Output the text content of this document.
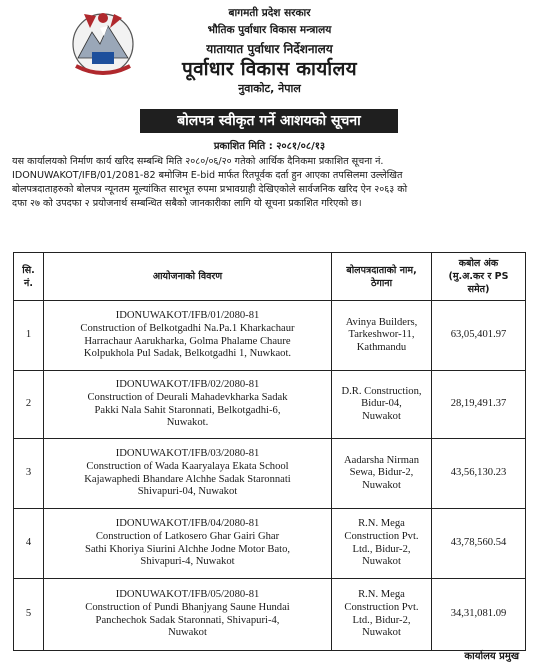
बागमती प्रदेश सरकार
भौतिक पुर्वाधार विकास मन्त्रालय
यातायात पुर्वाधार निर्देशनालय
पूर्वाधार विकास कार्यालय
नुवाकोट, नेपाल
बोलपत्र स्वीकृत गर्ने आशयको सूचना
प्रकाशित मिति : २०८१/०८/१३
यस कार्यालयको निर्माण कार्य खरिद सम्बन्धि मिति २०८०/०६/२० गतेको आर्थिक दैनिकमा प्रकाशित सूचना नं.
IDONUWAKOT/IFB/01/2081-82 बमोजिम E-bid मार्फत रितपूर्वक दर्ता हुन आएका तपसिलमा उल्लेखित
बोलपत्रदाताहरुको बोलपत्र न्यूनतम मूल्यांकित सारभूत रुपमा प्रभावग्राही देखिएकोले सार्वजनिक खरिद ऐन २०६३ को
दफा २७ को उपदफा २ प्रयोजनार्थ सम्बन्धित सबैको जानकारीका लागि यो सूचना प्रकाशित गरिएको छ।
सि.
नं.	आयोजनाको विवरण	बोलपत्रदाताको नाम,
ठेगाना	कबोल अंक
(मु.अ.कर र PS
समेत)
1	IDONUWAKOT/IFB/01/2080-81
Construction of Belkotgadhi Na.Pa.1 Kharkachaur
Harrachaur Aarukharka, Golma Phalame Chaure
Kolpukhola Pul Sadak, Belkotgadhi 1, Nuwkaot.	Avinya Builders,
Tarkeshwor-11,
Kathmandu	63,05,401.97
2	IDONUWAKOT/IFB/02/2080-81
Construction of Deurali Mahadevkharka Sadak
Pakki Nala Sahit Staronnati, Belkotgadhi-6,
Nuwakot.	D.R. Construction,
Bidur-04,
Nuwakot	28,19,491.37
3	IDONUWAKOT/IFB/03/2080-81
Construction of Wada Kaaryalaya Ekata School
Kajawaphedi Bhandare Alchhe Sadak Staronnati
Shivapuri-04, Nuwakot	Aadarsha Nirman
Sewa, Bidur-2,
Nuwakot	43,56,130.23
4	IDONUWAKOT/IFB/04/2080-81
Construction of Latkosero Ghar Gairi Ghar
Sathi Khoriya Siurini Alchhe Jodne Motor Bato,
Shivapuri-4, Nuwakot	R.N. Mega
Construction Pvt.
Ltd., Bidur-2,
Nuwakot	43,78,560.54
5	IDONUWAKOT/IFB/05/2080-81
Construction of Pundi Bhanjyang Saune Hundai
Panchechok Sadak Staronnati, Shivapuri-4,
Nuwakot	R.N. Mega
Construction Pvt.
Ltd., Bidur-2,
Nuwakot	34,31,081.09
कार्यालय प्रमुख
